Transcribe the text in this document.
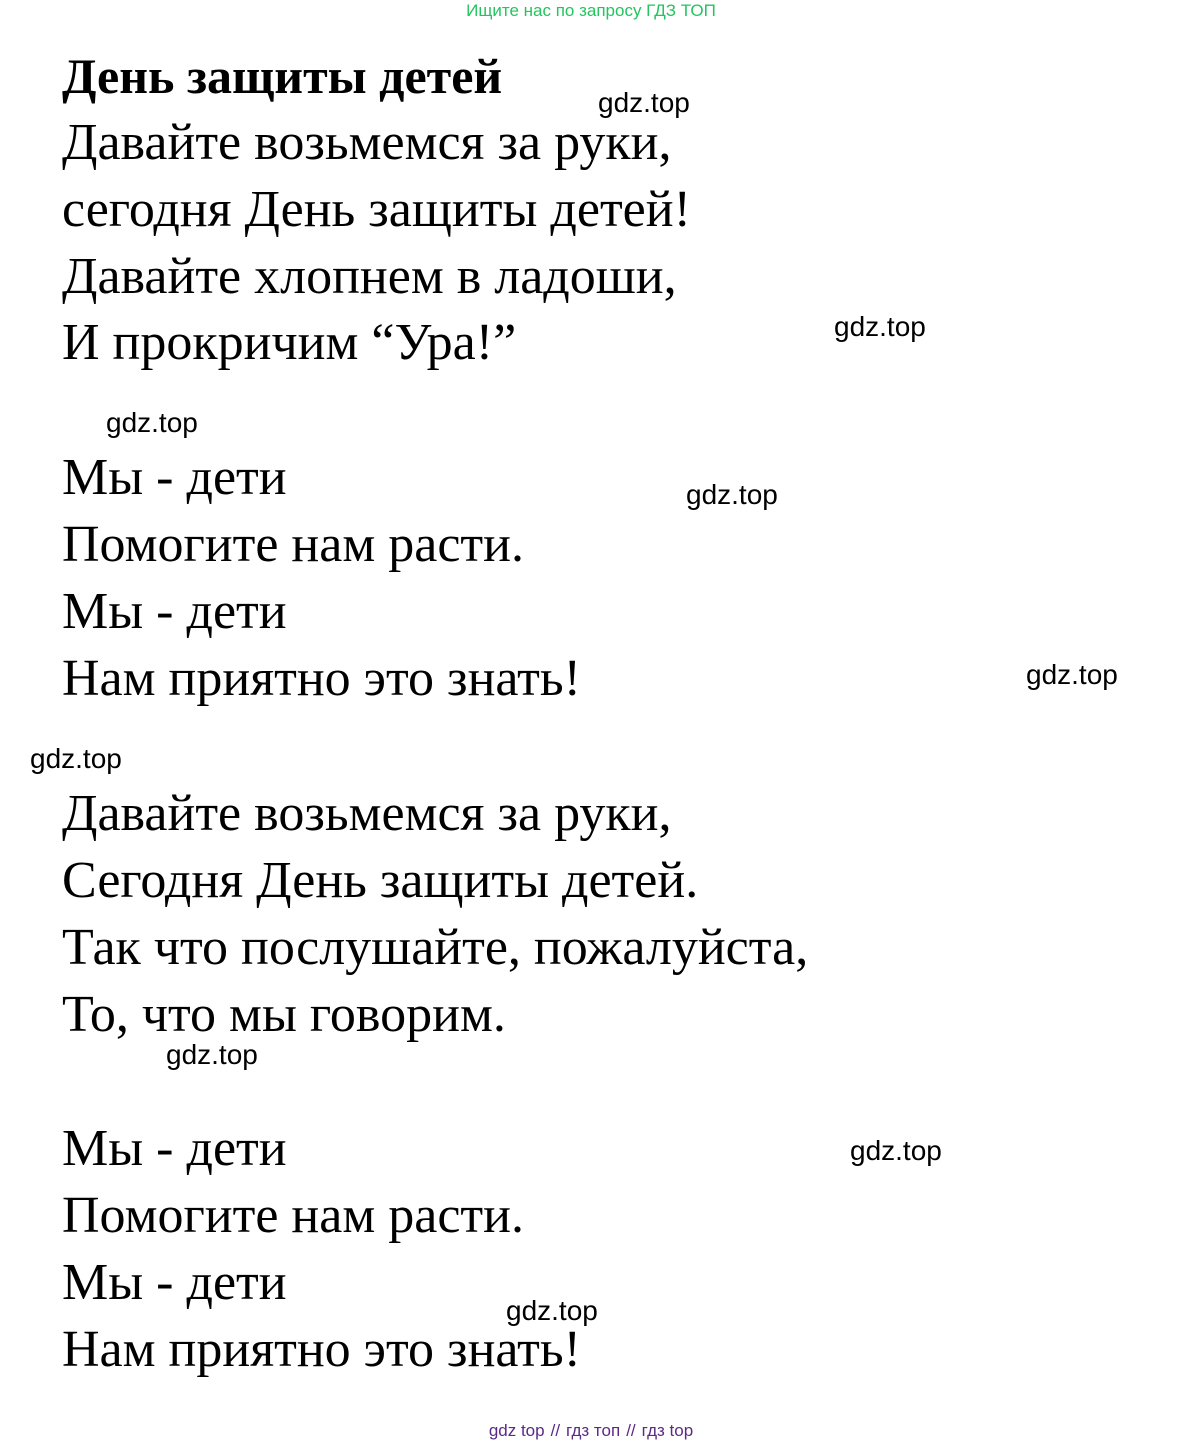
Ищите нас по запросу ГДЗ ТОП
День защиты детей
Давайте возьмемся за руки,
сегодня День защиты детей!
Давайте хлопнем в ладоши,
И прокричим “Ура!”
Мы - дети
Помогите нам расти.
Мы - дети
Нам приятно это знать!
Давайте возьмемся за руки,
Сегодня День защиты детей.
Так что послушайте, пожалуйста,
То, что мы говорим.
Мы - дети
Помогите нам расти.
Мы - дети
Нам приятно это знать!
gdz.top
gdz.top
gdz.top
gdz.top
gdz.top
gdz.top
gdz.top
gdz.top
gdz.top
gdz top // гдз топ // гдз top
